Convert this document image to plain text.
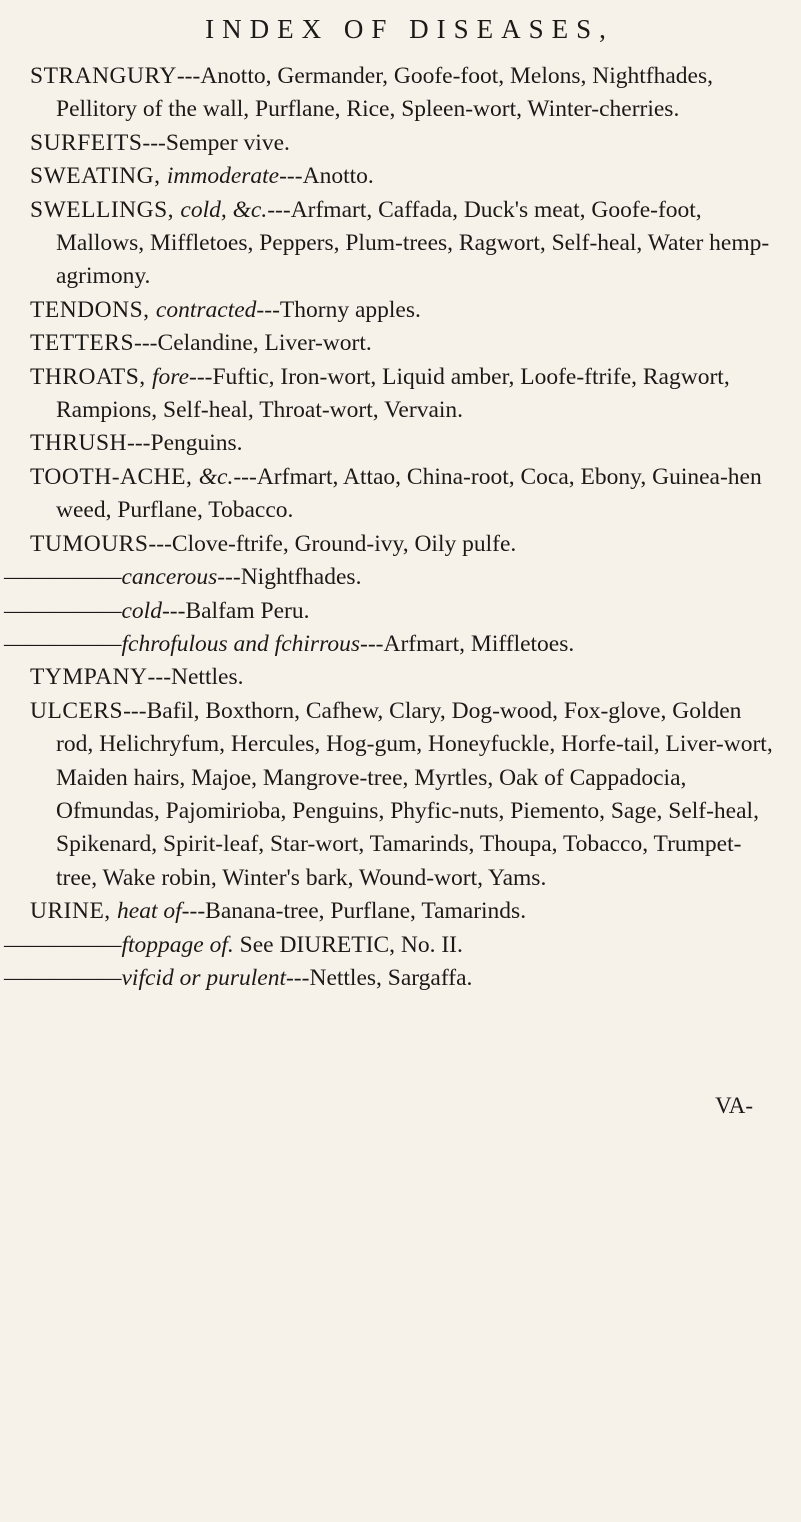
INDEX OF DISEASES,

STRANGURY---Anotto, Germander, Goofe-foot, Melons, Nightfhades, Pellitory of the wall, Purflane, Rice, Spleen-wort, Winter-cherries.

SURFEITS---Semper vive.

SWEATING, immoderate---Anotto.

SWELLINGS, cold, &c.---Arfmart, Caffada, Duck's meat, Goofe-foot, Mallows, Miffletoes, Peppers, Plum-trees, Ragwort, Self-heal, Water hemp-agrimony.

TENDONS, contracted---Thorny apples.

TETTERS---Celandine, Liver-wort.

THROATS, fore---Fuftic, Iron-wort, Liquid amber, Loofe-ftrife, Ragwort, Rampions, Self-heal, Throat-wort, Vervain.

THRUSH---Penguins.

TOOTH-ACHE, &c.---Arfmart, Attao, China-root, Coca, Ebony, Guinea-hen weed, Purflane, Tobacco.

TUMOURS---Clove-ftrife, Ground-ivy, Oily pulfe.

—————cancerous---Nightfhades.

—————cold---Balfam Peru.

—————fchrofulous and fchirrous---Arfmart, Miffletoes.

TYMPANY---Nettles.

ULCERS---Bafil, Boxthorn, Cafhew, Clary, Dog-wood, Fox-glove, Golden rod, Helichryfum, Hercules, Hog-gum, Honeyfuckle, Horfe-tail, Liver-wort, Maiden hairs, Majoe, Mangrove-tree, Myrtles, Oak of Cappadocia, Ofmundas, Pajomirioba, Penguins, Phyfic-nuts, Piemento, Sage, Self-heal, Spikenard, Spirit-leaf, Star-wort, Tamarinds, Thoupa, Tobacco, Trumpet-tree, Wake robin, Winter's bark, Wound-wort, Yams.

URINE, heat of---Banana-tree, Purflane, Tamarinds.

—————ftoppage of. See DIURETIC, No. II.

—————vifcid or purulent---Nettles, Sargaffa.

VA-
